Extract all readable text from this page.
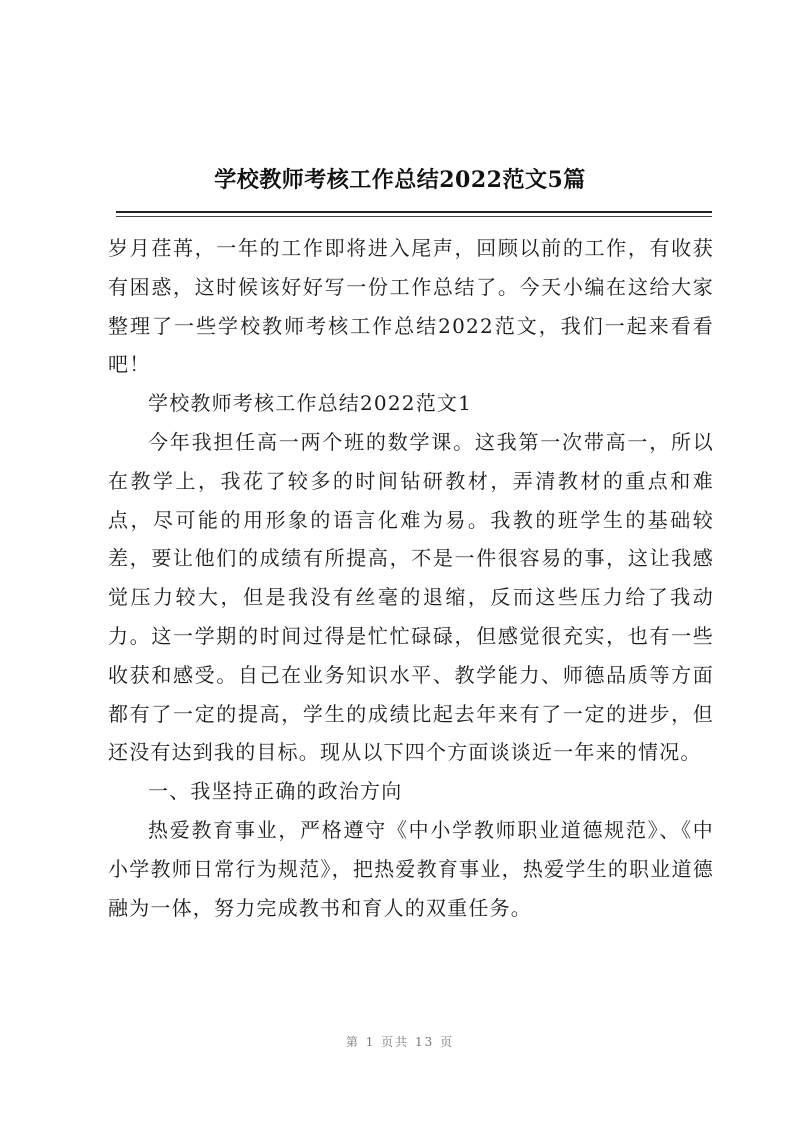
学校教师考核工作总结2022范文5篇

岁月荏苒，一年的工作即将进入尾声，回顾以前的工作，有收获有困惑，这时候该好好写一份工作总结了。今天小编在这给大家整理了一些学校教师考核工作总结2022范文，我们一起来看看吧！

学校教师考核工作总结2022范文1

今年我担任高一两个班的数学课。这我第一次带高一，所以在教学上，我花了较多的时间钻研教材，弄清教材的重点和难点，尽可能的用形象的语言化难为易。我教的班学生的基础较差，要让他们的成绩有所提高，不是一件很容易的事，这让我感觉压力较大，但是我没有丝毫的退缩，反而这些压力给了我动力。这一学期的时间过得是忙忙碌碌，但感觉很充实，也有一些收获和感受。自己在业务知识水平、教学能力、师德品质等方面都有了一定的提高，学生的成绩比起去年来有了一定的进步，但还没有达到我的目标。现从以下四个方面谈谈近一年来的情况。

一、我坚持正确的政治方向

热爱教育事业，严格遵守《中小学教师职业道德规范》、《中小学教师日常行为规范》，把热爱教育事业，热爱学生的职业道德融为一体，努力完成教书和育人的双重任务。

第 1 页共 13 页
